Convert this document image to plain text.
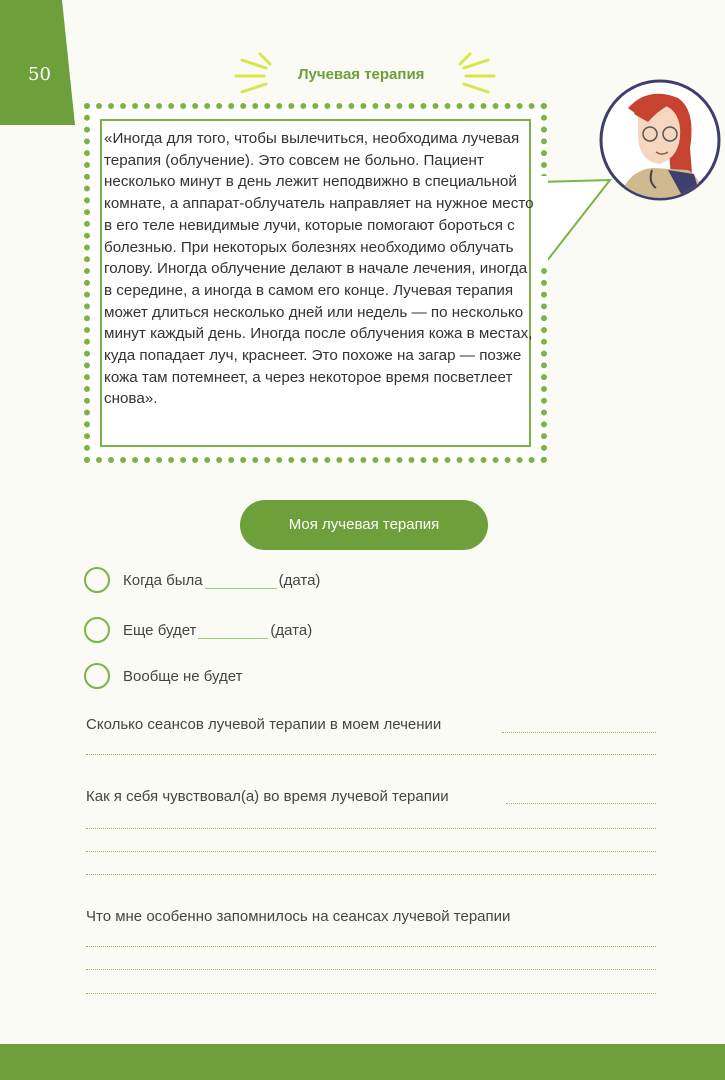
50	Лучевая терапия
«Иногда для того, чтобы вылечиться, необходима лучевая терапия (облучение). Это совсем не больно. Пациент несколько минут в день лежит неподвижно в специальной комнате, а аппарат-облучатель направляет на нужное место в его теле невидимые лучи, которые помогают бороться с болезнью. При некоторых болезнях необходимо облучать голову. Иногда облучение делают в начале лечения, иногда в середине, а иногда в самом его конце. Лучевая терапия может длиться несколько дней или недель — по несколько минут каждый день. Иногда после облучения кожа в местах, куда попадает луч, краснеет. Это похоже на загар — позже кожа там потемнеет, а через некоторое время посветлеет снова».
Моя лучевая терапия
Когда была	(дата)
Еще будет	(дата)
Вообще не будет
Сколько сеансов лучевой терапии в моем лечении
Как я себя чувствовал(а) во время лучевой терапии
Что мне особенно запомнилось на сеансах лучевой терапии
